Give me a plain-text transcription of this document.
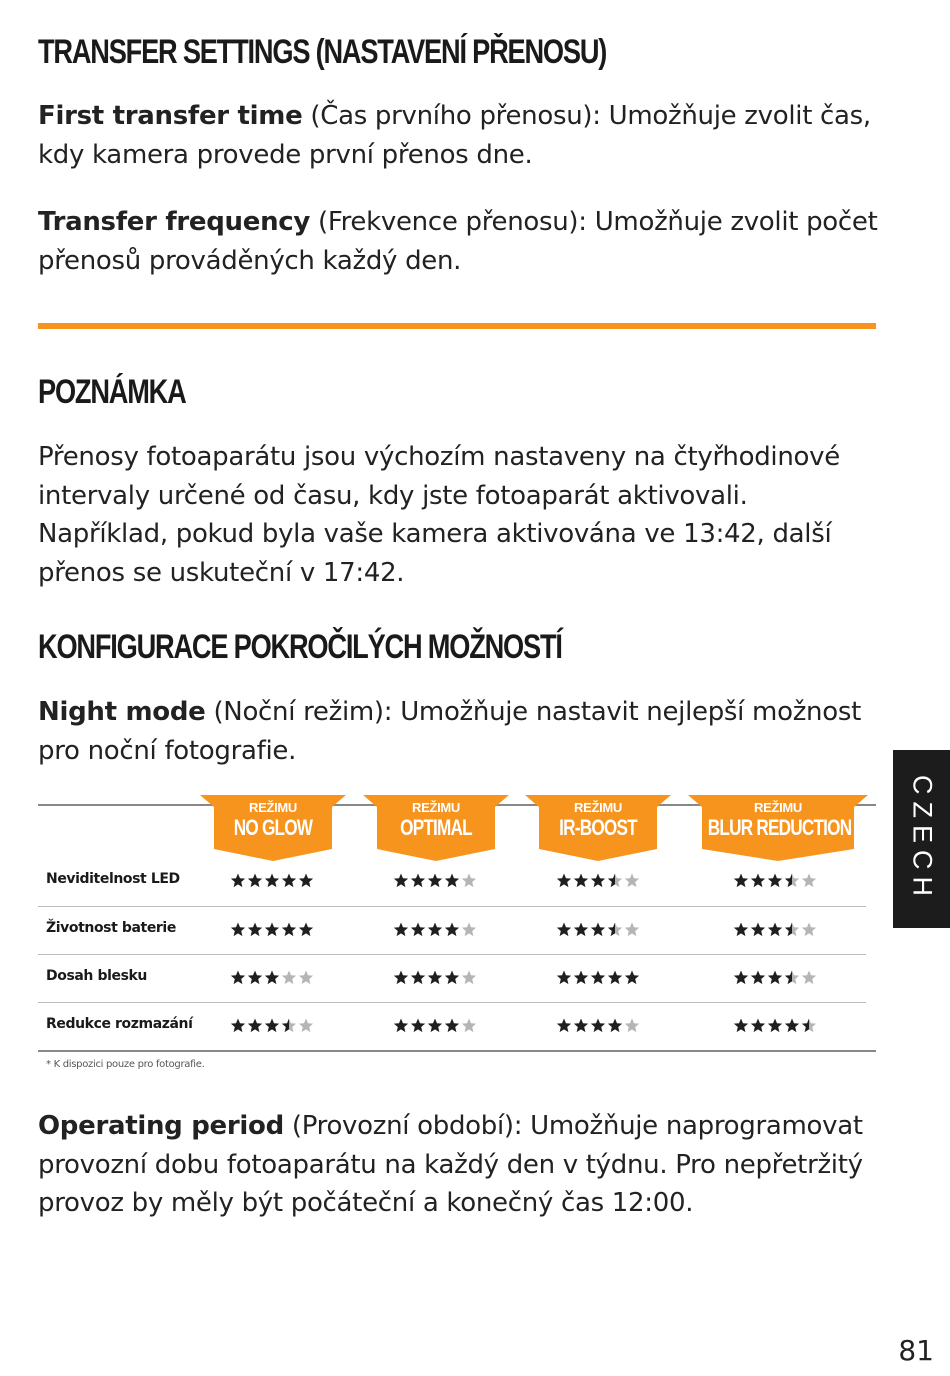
TRANSFER SETTINGS (NASTAVENÍ PŘENOSU)

First transfer time (Čas prvního přenosu): Umožňuje zvolit čas, kdy kamera provede první přenos dne.

Transfer frequency (Frekvence přenosu): Umožňuje zvolit počet přenosů prováděných každý den.

POZNÁMKA

Přenosy fotoaparátu jsou výchozím nastaveny na čtyřhodinové intervaly určené od času, kdy jste fotoaparát aktivovali. Například, pokud byla vaše kamera aktivována ve 13:42, další přenos se uskuteční v 17:42.

KONFIGURACE POKROČILÝCH MOŽNOSTÍ

Night mode (Noční režim): Umožňuje nastavit nejlepší možnost pro noční fotografie.

REŽIMU
NO GLOW
REŽIMU
OPTIMAL
REŽIMU
IR-BOOST
REŽIMU
BLUR REDUCTION
Neviditelnost LED
Životnost baterie
Dosah blesku
Redukce rozmazání
* K dispozici pouze pro fotografie.

Operating period (Provozní období): Umožňuje naprogramovat provozní dobu fotoaparátu na každý den v týdnu. Pro nepřetržitý provoz by měly být počáteční a konečný čas 12:00.

CZECH
81
